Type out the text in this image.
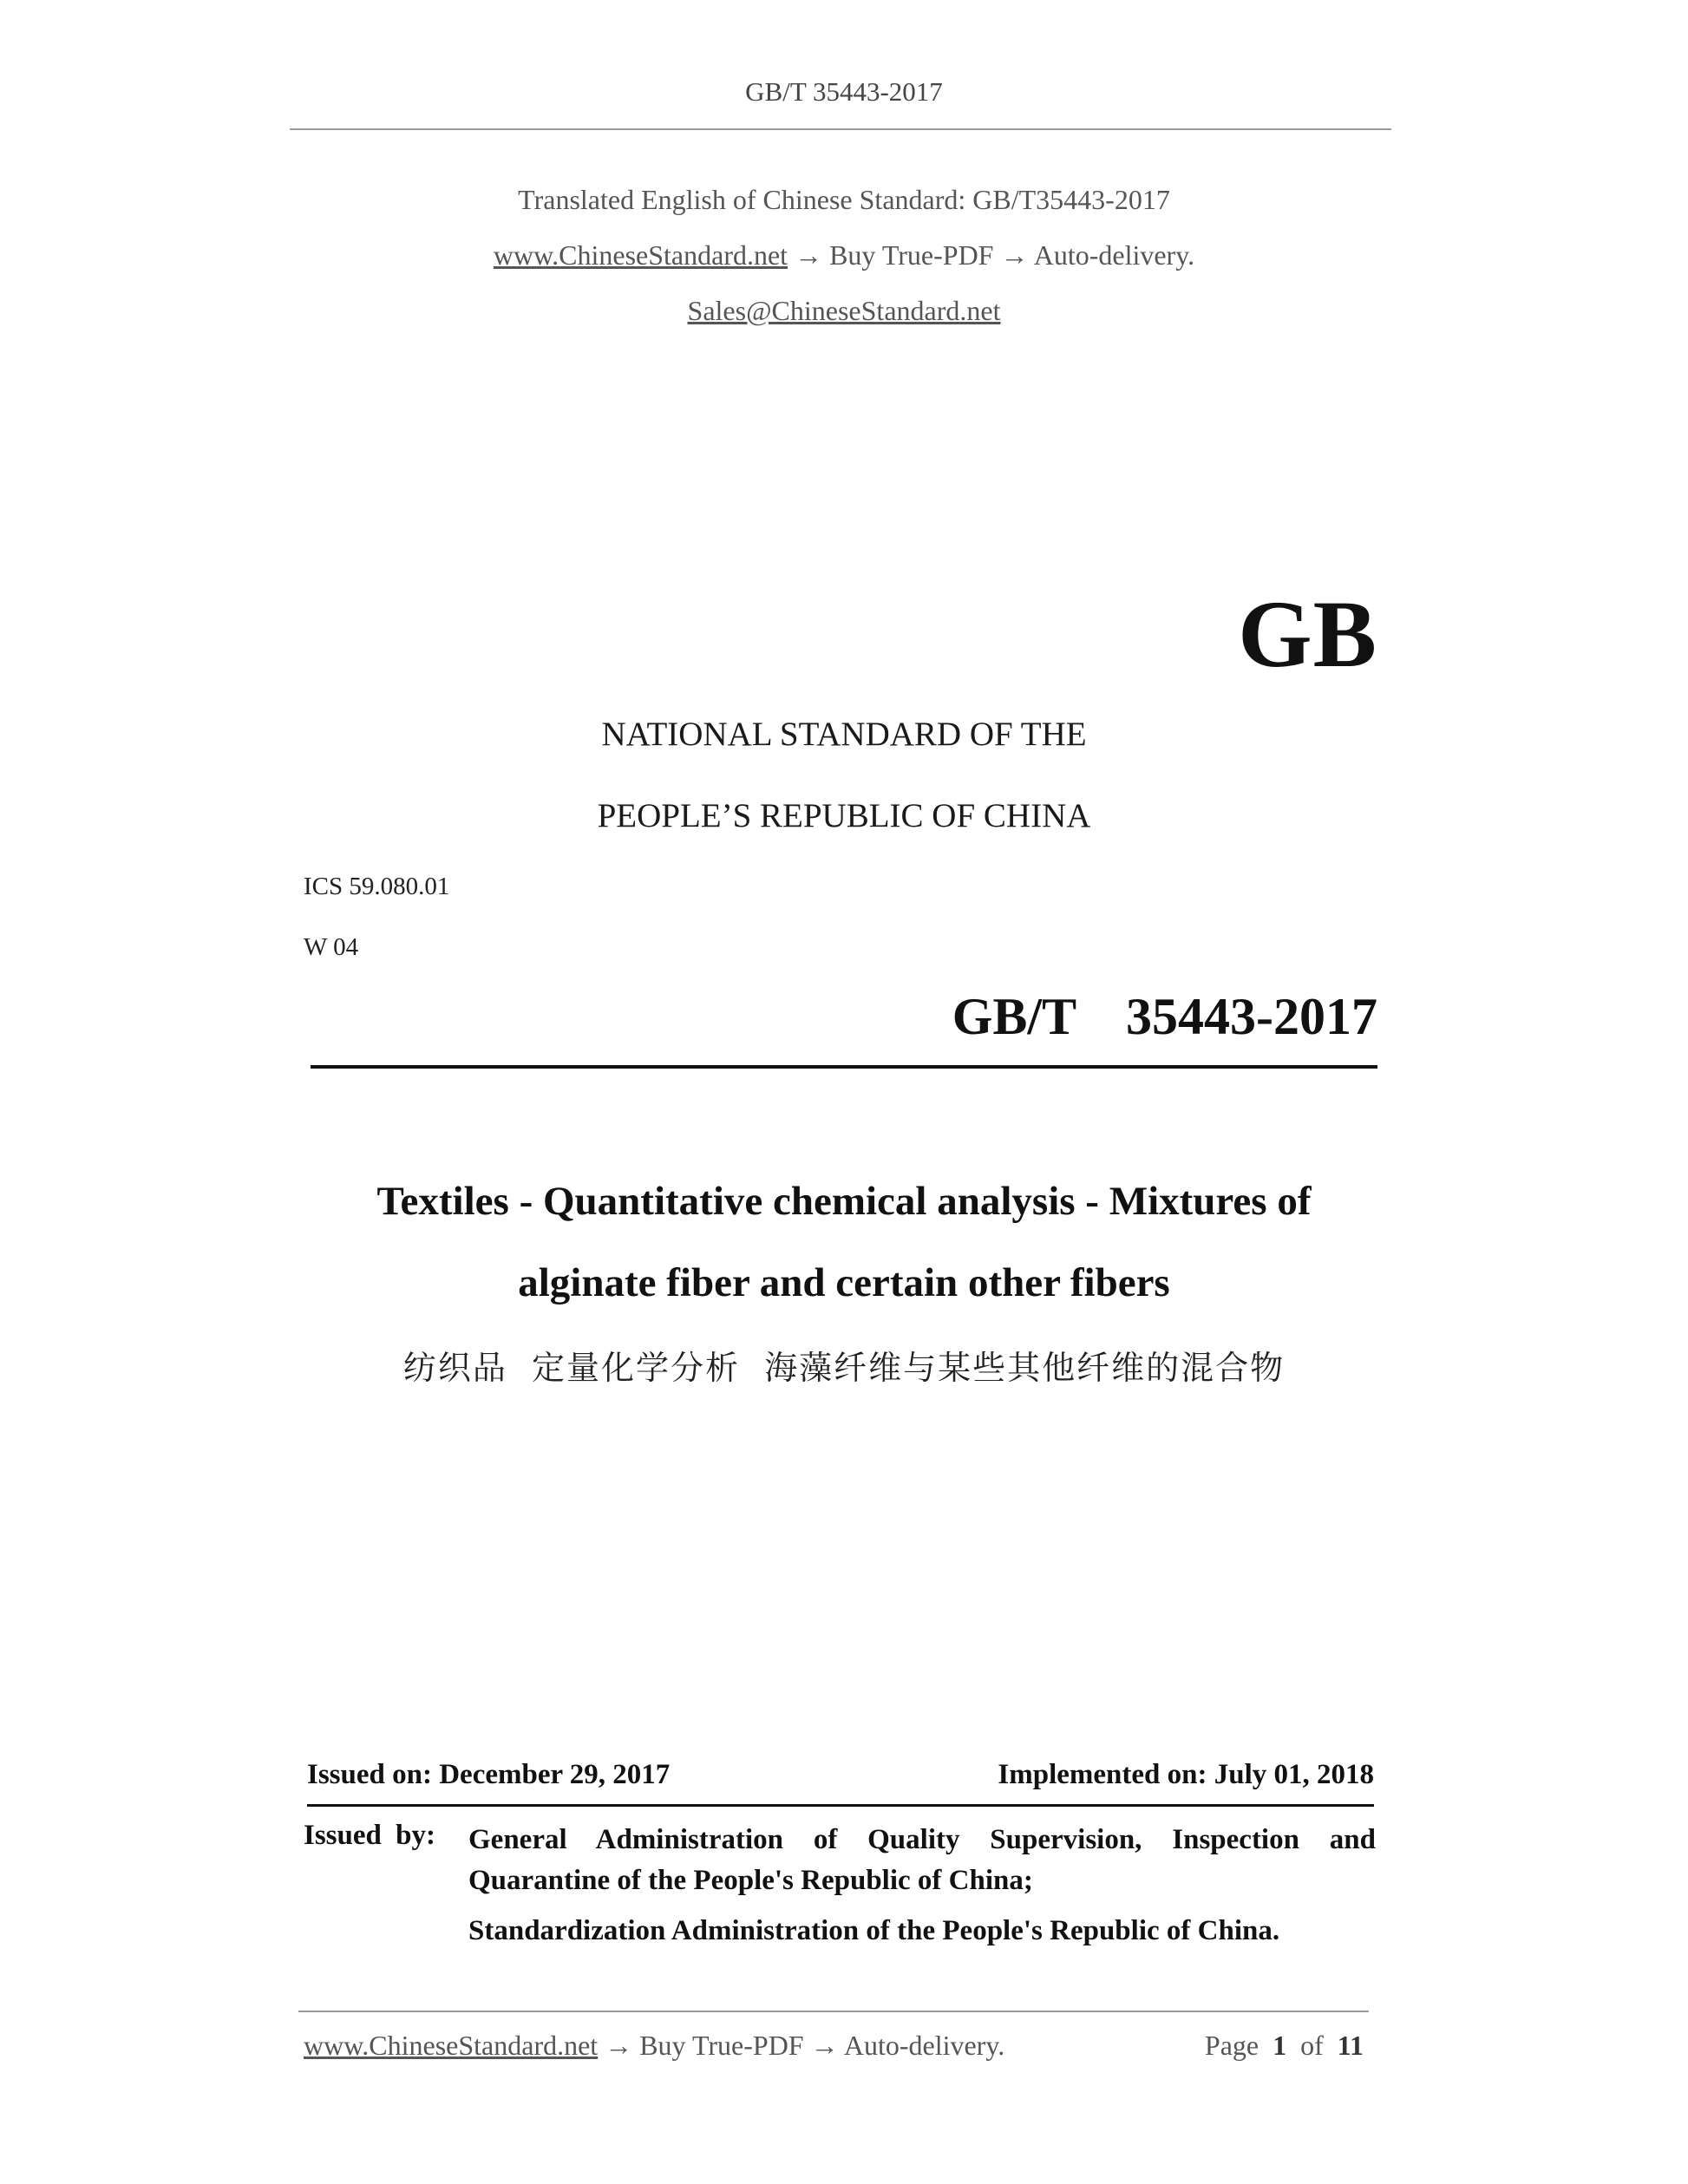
GB/T 35443-2017
Translated English of Chinese Standard: GB/T35443-2017
www.ChineseStandard.net → Buy True-PDF → Auto-delivery.
Sales@ChineseStandard.net
GB
NATIONAL STANDARD OF THE
PEOPLE’S REPUBLIC OF CHINA
ICS 59.080.01
W 04
GB/T  35443-2017
Textiles - Quantitative chemical analysis - Mixtures of
alginate fiber and certain other fibers
纺织品  定量化学分析  海藻纤维与某些其他纤维的混合物
Issued on: December 29, 2017	Implemented on: July 01, 2018
Issued by: General Administration of Quality Supervision, Inspection and
Quarantine of the People's Republic of China;
Standardization Administration of the People's Republic of China.
www.ChineseStandard.net → Buy True-PDF → Auto-delivery.	Page 1 of 11
